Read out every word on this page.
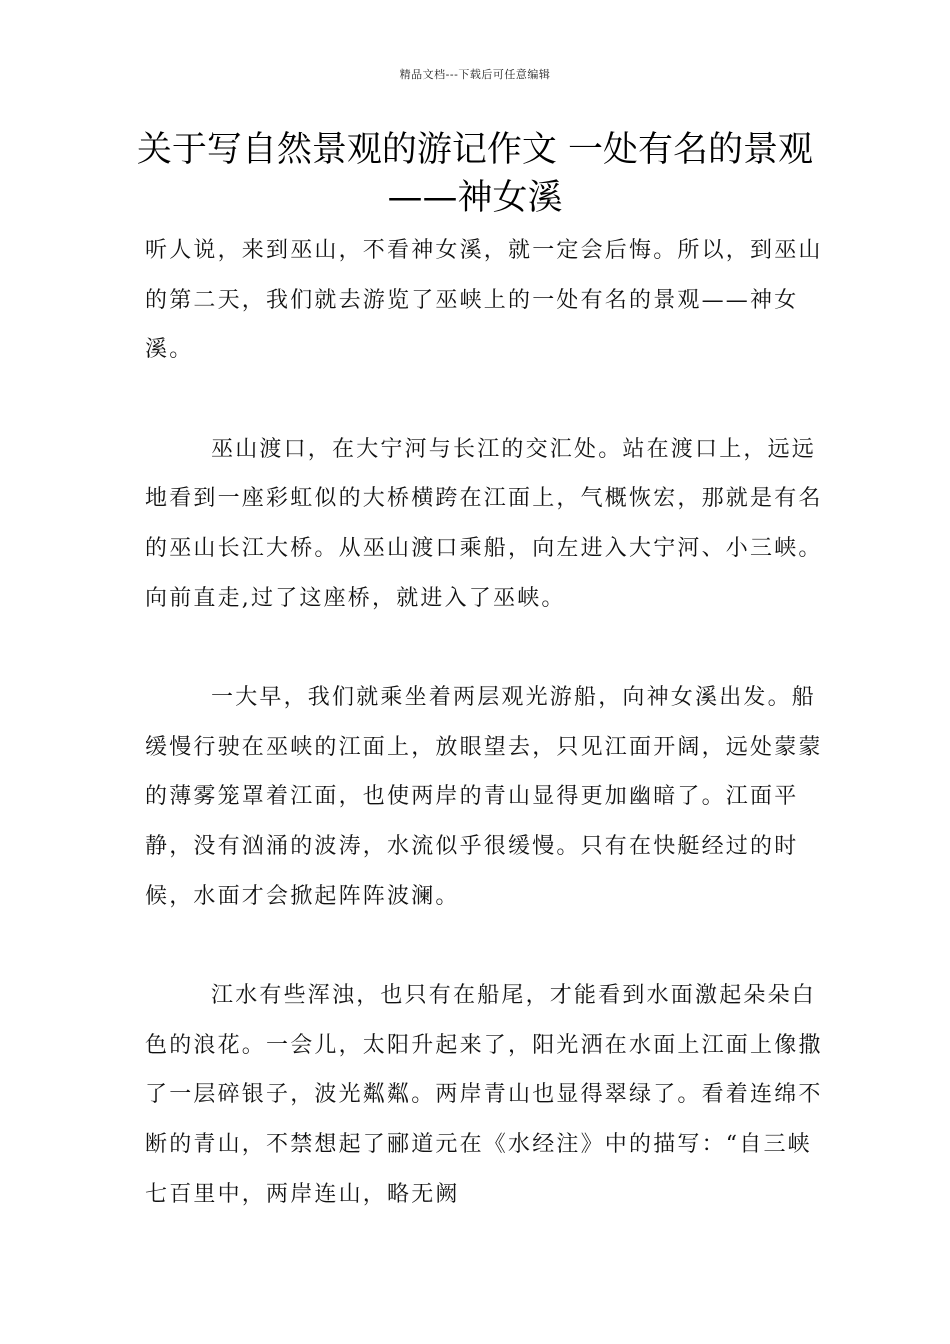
精品文档---下载后可任意编辑
关于写自然景观的游记作文 一处有名的景观——神女溪

听人说，来到巫山，不看神女溪，就一定会后悔。所以，到巫山的第二天，我们就去游览了巫峡上的一处有名的景观——神女溪。

巫山渡口，在大宁河与长江的交汇处。站在渡口上，远远地看到一座彩虹似的大桥横跨在江面上，气概恢宏，那就是有名的巫山长江大桥。从巫山渡口乘船，向左进入大宁河、小三峡。向前直走,过了这座桥，就进入了巫峡。

一大早，我们就乘坐着两层观光游船，向神女溪出发。船缓慢行驶在巫峡的江面上，放眼望去，只见江面开阔，远处蒙蒙的薄雾笼罩着江面，也使两岸的青山显得更加幽暗了。江面平静，没有汹涌的波涛，水流似乎很缓慢。只有在快艇经过的时候，水面才会掀起阵阵波澜。

江水有些浑浊，也只有在船尾，才能看到水面激起朵朵白色的浪花。一会儿，太阳升起来了，阳光洒在水面上江面上像撒了一层碎银子，波光粼粼。两岸青山也显得翠绿了。看着连绵不断的青山，不禁想起了郦道元在《水经注》中的描写：“自三峡七百里中，两岸连山，略无阙
